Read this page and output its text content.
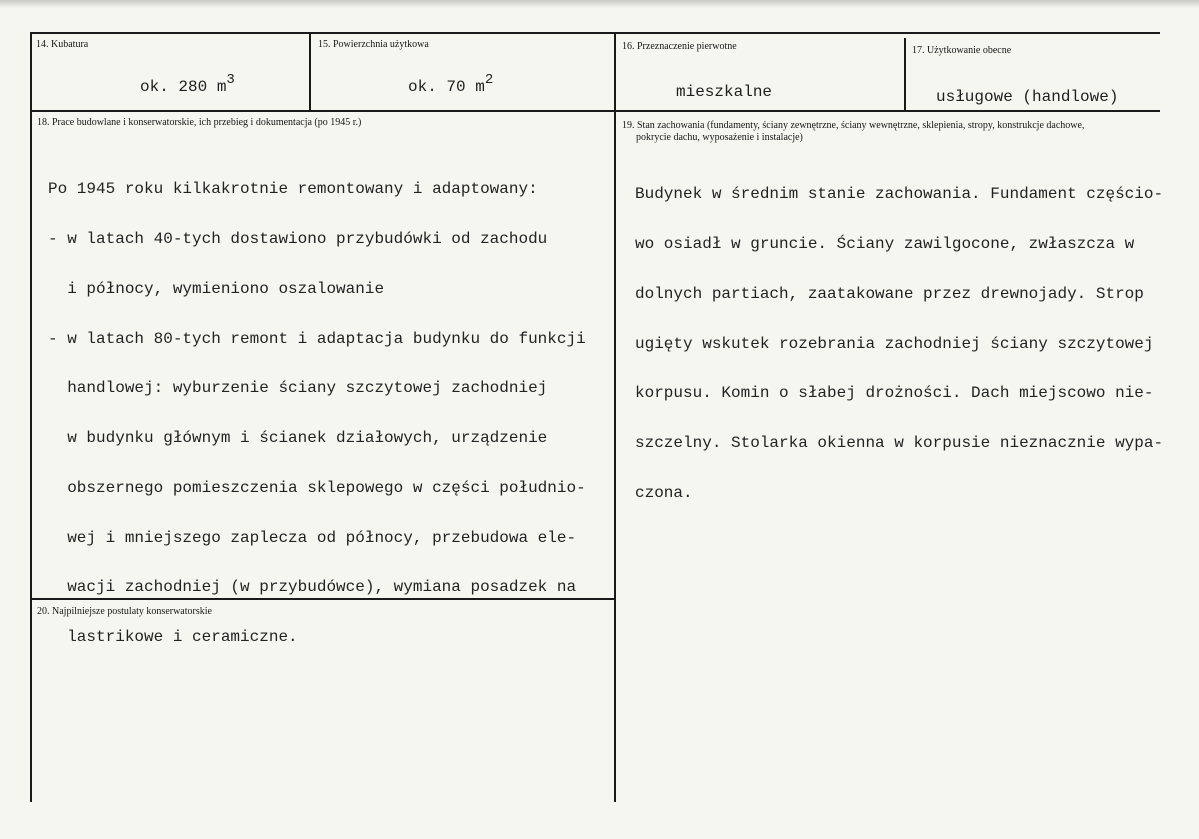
14. Kubatura
ok. 280 $m^3$
15. Powierzchnia użytkowa
ok. 70 $m^2$
16. Przeznaczenie pierwotne
mieszkalne
17. Użytkowanie obecne
usługowe (handlowe)
18. Prace budowlane i konserwatorskie, ich przebieg i dokumentacja (po 1945 r.)

Po 1945 roku kilkakrotnie remontowany i adaptowany:

- w latach 40-tych dostawiono przybudówki od zachodu

i północy, wymieniono oszalowanie

- w latach 80-tych remont i adaptacja budynku do funkcji

handlowej: wyburzenie ściany szczytowej zachodniej

w budynku głównym i ścianek działowych, urządzenie

obszernego pomieszczenia sklepowego w części południo-

wej i mniejszego zaplecza od północy, przebudowa ele-

wacji zachodniej (w przybudówce), wymiana posadzek na

lastrikowe i ceramiczne.

19. Stan zachowania (fundamenty, ściany zewnętrzne, ściany wewnętrzne, sklepienia, stropy, konstrukcje dachowe,
pokrycie dachu, wyposażenie i instalacje)

Budynek w średnim stanie zachowania. Fundament częścio-

wo osiadł w gruncie. Ściany zawilgocone, zwłaszcza w

dolnych partiach, zaatakowane przez drewnojady. Strop

ugięty wskutek rozebrania zachodniej ściany szczytowej

korpusu. Komin o słabej drożności. Dach miejscowo nie-

szczelny. Stolarka okienna w korpusie nieznacznie wypa-

czona.

20. Najpilniejsze postulaty konserwatorskie
